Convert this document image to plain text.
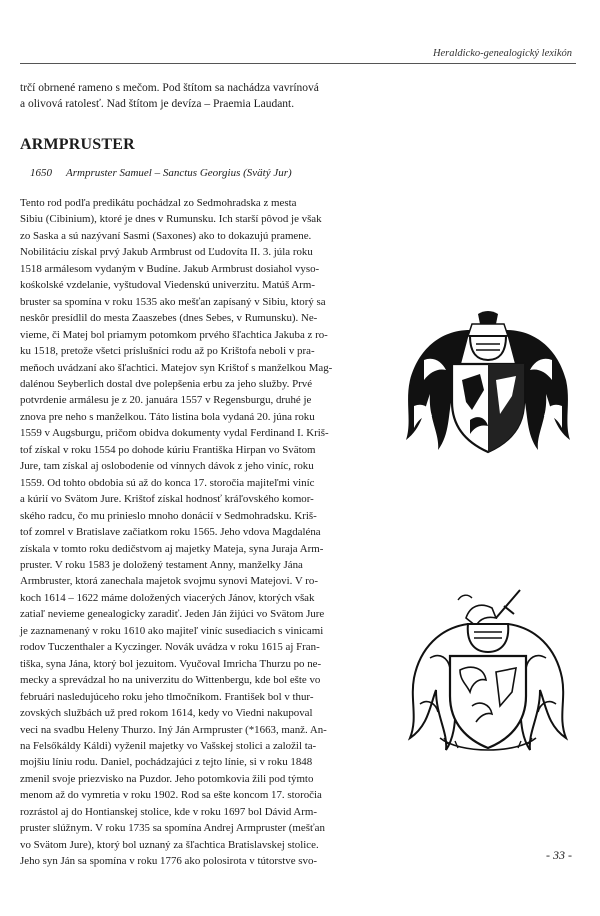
Heraldicko-genealogický lexikón

trčí obrnené rameno s mečom. Pod štítom sa nachádza vavrínová

a olivová ratolesť. Nad štítom je devíza – Praemia Laudant.

ARMPRUSTER
1650 Armpruster Samuel – Sanctus Georgius (Svätý Jur)

Tento rod podľa predikátu pochádzal zo Sedmohradska z mesta
Sibiu (Cibinium), ktoré je dnes v Rumunsku. Ich starší pôvod je však
zo Saska a sú nazývaní Sasmi (Saxones) ako to dokazujú pramene.
Nobilitáciu získal prvý Jakub Armbrust od Ľudovíta II. 3. júla roku
1518 armálesom vydaným v Budíne. Jakub Armbrust dosiahol vyso-
kośkolské vzdelanie, vyštudoval Viedenskú univerzitu. Matúš Arm-
bruster sa spomína v roku 1535 ako mešťan zapísaný v Sibiu, ktorý sa
neskôr presídlil do mesta Zaaszebes (dnes Sebes, v Rumunsku). Ne-
vieme, či Matej bol priamym potomkom prvého šľachtica Jakuba z ro-
ku 1518, pretože všetci príslušníci rodu až po Krištofa neboli v pra-
meňoch uvádzaní ako šľachtici. Matejov syn Krištof s manželkou Mag-
dalénou Seyberlich dostal dve polepšenia erbu za jeho služby. Prvé
potvrdenie armálesu je z 20. januára 1557 v Regensburgu, druhé je
znova pre neho s manželkou. Táto listina bola vydaná 20. júna roku
1559 v Augsburgu, pričom obidva dokumenty vydal Ferdinand I. Kriš-
tof získal v roku 1554 po dohode kúriu Františka Hirpan vo Svätom
Jure, tam získal aj oslobodenie od vínnych dávok z jeho viníc, roku
1559. Od tohto obdobia sú až do konca 17. storočia majiteľmi viníc
a kúrií vo Svätom Jure. Krištof získal hodnosť kráľovského komor-
ského radcu, čo mu prinieslo mnoho donácií v Sedmohradsku. Kriš-
tof zomrel v Bratislave začiatkom roku 1565. Jeho vdova Magdaléna
získala v tomto roku dedičstvom aj majetky Mateja, syna Juraja Arm-
pruster. V roku 1583 je doložený testament Anny, manželky Jána
Armbruster, ktorá zanechala majetok svojmu synovi Matejovi. V ro-
koch 1614 – 1622 máme doložených viacerých Jánov, ktorých však
zatiaľ nevieme genealogicky zaradiť. Jeden Ján žijúci vo Svätom Jure
je zaznamenaný v roku 1610 ako majiteľ viníc susediacich s vinicami
rodov Tuczenthaler a Kyczinger. Novák uvádza v roku 1615 aj Fran-
tiška, syna Jána, ktorý bol jezuitom. Vyučoval Imricha Thurzu po ne-
mecky a sprevádzal ho na univerzitu do Wittenbergu, kde bol ešte vo
februári nasledujúceho roku jeho tlmočníkom. František bol v thur-
zovských službách už pred rokom 1614, kedy vo Viedni nakupoval
veci na svadbu Heleny Thurzo. Iný Ján Armpruster (*1663, manž. An-
na Felsőkáldy Káldi) vyženil majetky vo Vašskej stolici a založil ta-
mojšiu líniu rodu. Daniel, pochádzajúci z tejto línie, si v roku 1848
zmenil svoje priezvisko na Puzdor. Jeho potomkovia žili pod týmto
menom až do vymretia v roku 1902. Rod sa ešte koncom 17. storočia
rozrástol aj do Hontianskej stolice, kde v roku 1697 bol Dávid Arm-
pruster slúžnym. V roku 1735 sa spomína Andrej Armpruster (mešťan
vo Svätom Jure), ktorý bol uznaný za šľachtica Bratislavskej stolice.
Jeho syn Ján sa spomína v roku 1776 ako polosirota v tútorstve svo-	- 33 -
